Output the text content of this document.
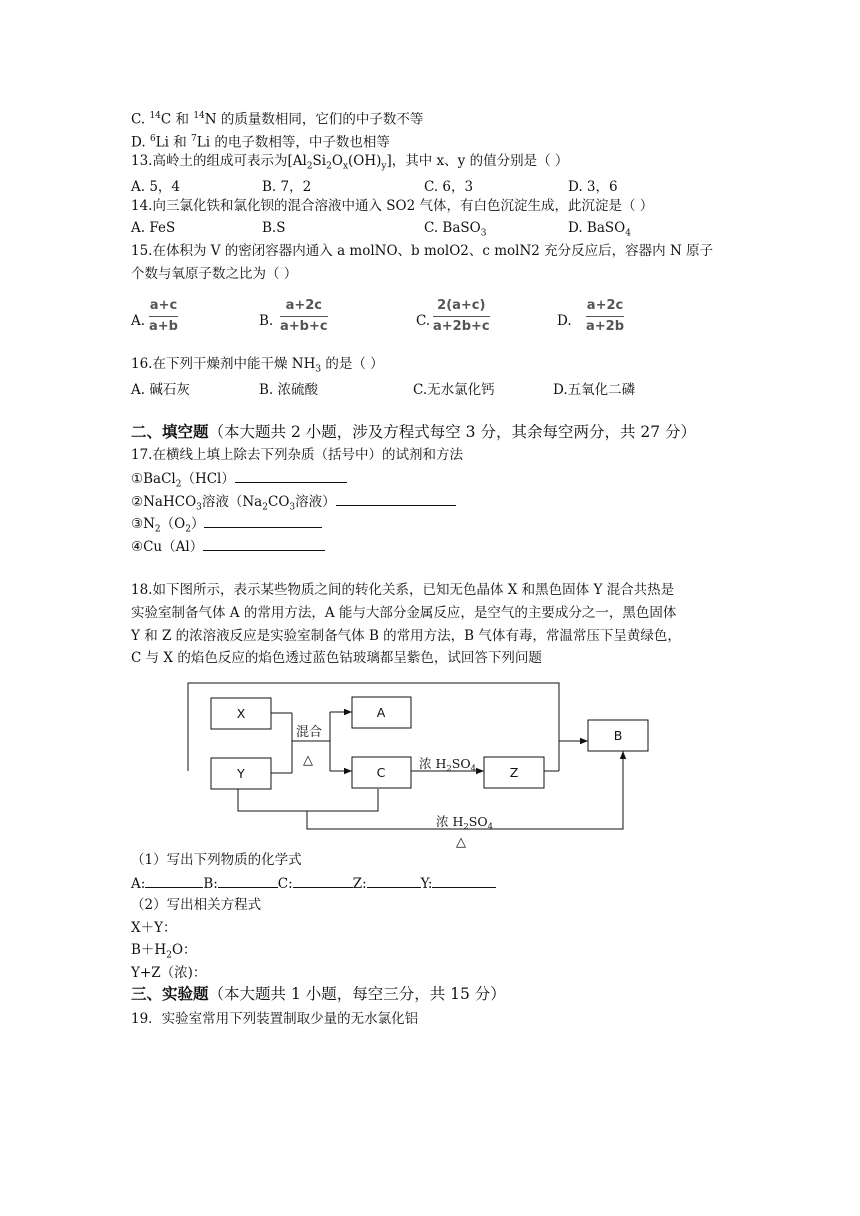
C. $^{14}$C 和 $^{14}$N 的质量数相同，它们的中子数不等
D. $^6$Li 和 $^7$Li 的电子数相等，中子数也相等
13.高岭土的组成可表示为$[Al_2Si_2O_x(OH)_y]$，其中 x、y 的值分别是（ ）
A. 5，4	B. 7，2	C. 6，3	D. 3，6
14.向三氯化铁和氯化钡的混合溶液中通入 SO2 气体，有白色沉淀生成，此沉淀是（ ）
A. FeS	B.S	C. BaSO$_3$	D. BaSO$_4$
15.在体积为 V 的密闭容器内通入 a molNO、b molO2、c molN2 充分反应后，容器内 N 原子
个数与氧原子数之比为（ ）
A.
a+c
a+b	B.
a+2c
a+b+c	C.
2(a+c)
a+2b+c	D.
a+2c
a+2b
16.在下列干燥剂中能干燥 $NH_3$ 的是（ ）
A. 碱石灰	B. 浓硫酸	C.无水氯化钙	D.五氧化二磷
二、填空题（本大题共 2 小题，涉及方程式每空 3 分，其余每空两分，共 27 分）
17.在横线上填上除去下列杂质（括号中）的试剂和方法
①BaCl$_2$（HCl）
②NaHCO$_3$溶液（$Na_2CO_3$溶液）
$③N_2(O_2)$
④Cu（Al）
18.如下图所示，表示某些物质之间的转化关系，已知无色晶体 X 和黑色固体 Y 混合共热是
实验室制备气体 A 的常用方法，A 能与大部分金属反应，是空气的主要成分之一，黑色固体
Y 和 Z 的浓溶液反应是实验室制备气体 B 的常用方法，B 气体有毒，常温常压下呈黄绿色，
C 与 X 的焰色反应的焰色透过蓝色钴玻璃都呈紫色，试回答下列问题
X
Y
A
C	Z
B
混合
△	浓 $H_2SO_4$
浓 $H_2SO_4$
△
（1）写出下列物质的化学式
A:	B:	C:	Z:	Y:
（2）写出相关方程式
X＋Y：
$B+H_2O$：
Y+Z（浓)：
三、实验题（本大题共 1 小题，每空三分，共 15 分）
19．实验室常用下列装置制取少量的无水氯化铝
